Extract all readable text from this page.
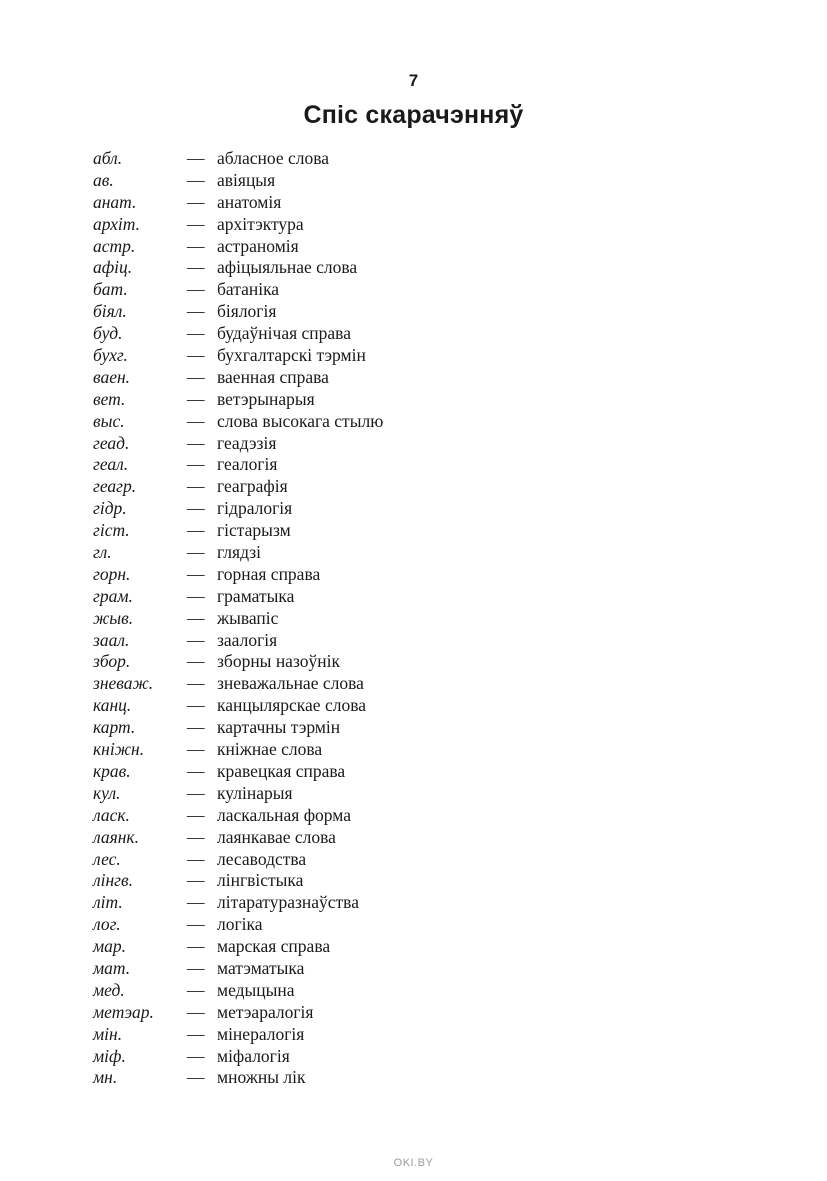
7
Спіс скарачэнняў
абл.	— абласное слова
ав.	— авіяцыя
анат.	— анатомія
архіт.	— архітэктура
астр.	— астраномія
афіц.	— афіцыяльнае слова
бат.	— батаніка
біял.	— біялогія
буд.	— будаўнічая справа
бухг.	— бухгалтарскі тэрмін
ваен.	— ваенная справа
вет.	— ветэрынарыя
выс.	— слова высокага стылю
геад.	— геадэзія
геал.	— геалогія
геагр.	— геаграфія
гідр.	— гідралогія
гіст.	— гістарызм
гл.	— глядзі
горн.	— горная справа
грам.	— граматыка
жыв.	— жывапіс
заал.	— заалогія
збор.	— зборны назоўнік
зневаж. — зневажальнае слова
канц.	— канцылярскае слова
карт.	— картачны тэрмін
кніжн. — кніжнае слова
крав.	— кравецкая справа
кул.	— кулінарыя
ласк.	— ласкальная форма
лаянк.	— лаянкавае слова
лес.	— лесаводства
лінгв.	— лінгвістыка
літ.	— літаратуразнаўства
лог.	— логіка
мар.	— марская справа
мат.	— матэматыка
мед.	— медыцына
метэар. — метэаралогія
мін.	— мінералогія
міф.	— міфалогія
мн.	— множны лік
OKI.BY
